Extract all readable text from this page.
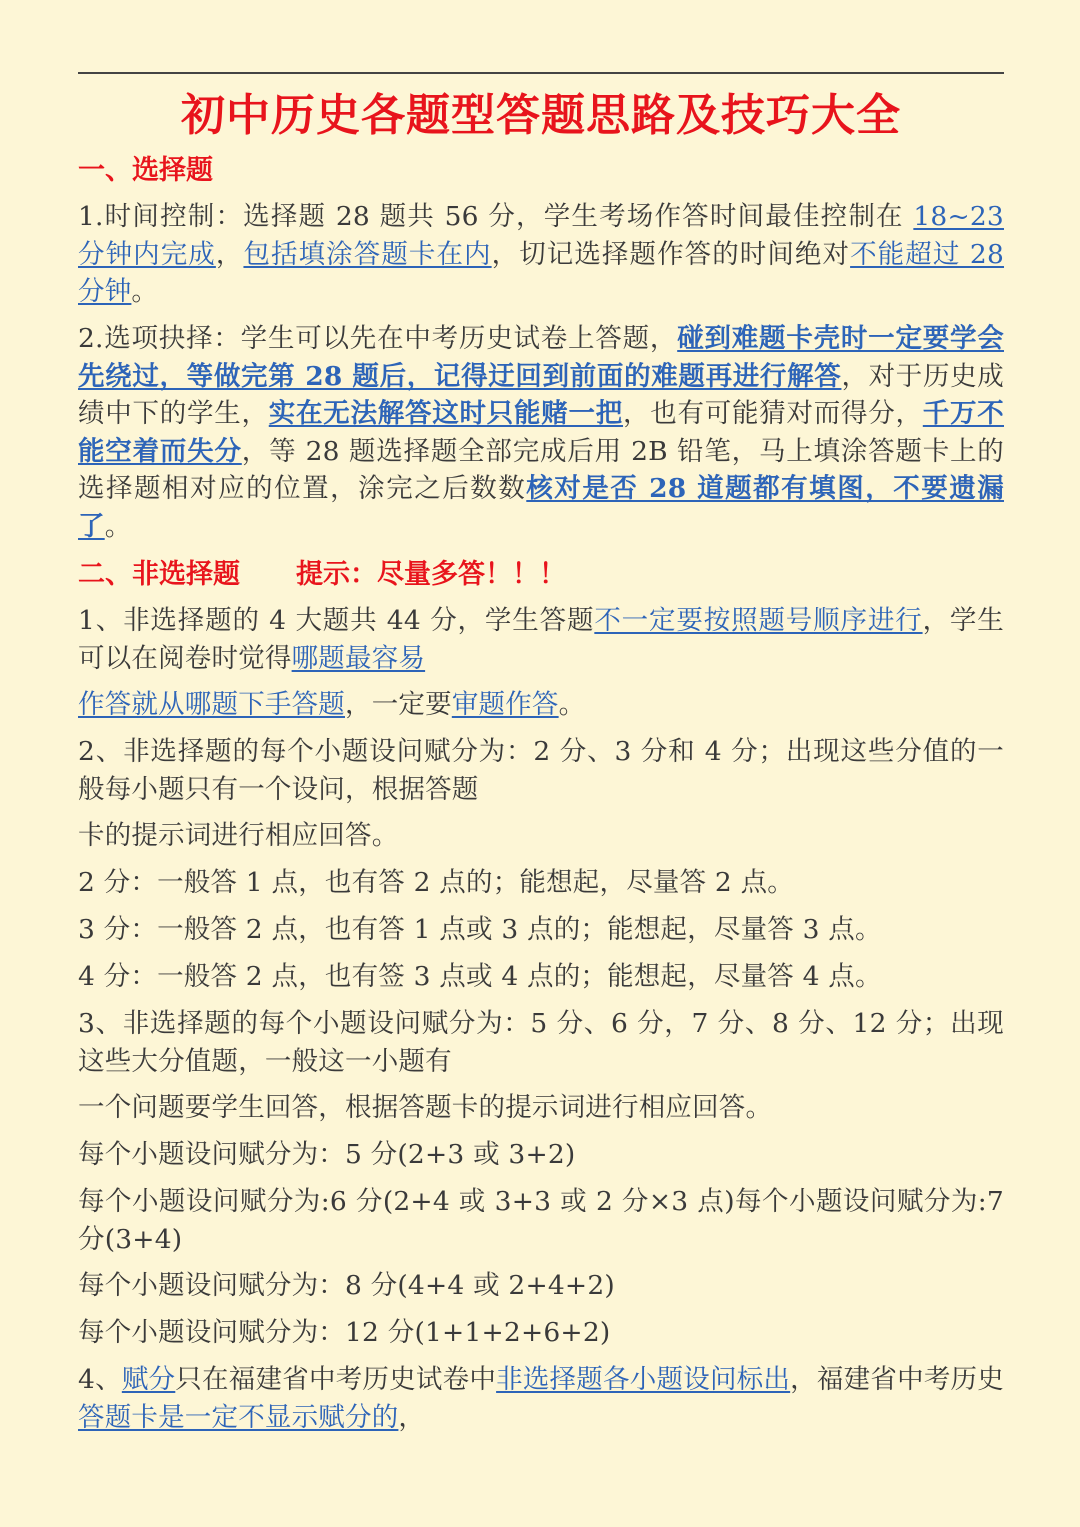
初中历史各题型答题思路及技巧大全
一、选择题
1.时间控制：选择题 28 题共 56 分，学生考场作答时间最佳控制在 18~23 分钟内完成，包括填涂答题卡在内，切记选择题作答的时间绝对不能超过 28 分钟。
2.选项抉择：学生可以先在中考历史试卷上答题，碰到难题卡壳时一定要学会先绕过，等做完第 28 题后，记得迂回到前面的难题再进行解答，对于历史成绩中下的学生，实在无法解答这时只能赌一把，也有可能猜对而得分，千万不能空着而失分，等 28 题选择题全部完成后用 2B 铅笔，马上填涂答题卡上的选择题相对应的位置，涂完之后数数核对是否 28 道题都有填图，不要遗漏了。
二、非选择题 提示：尽量多答！！！
1、非选择题的 4 大题共 44 分，学生答题不一定要按照题号顺序进行，学生可以在阅卷时觉得哪题最容易
作答就从哪题下手答题，一定要审题作答。
2、非选择题的每个小题设问赋分为：2 分、3 分和 4 分；出现这些分值的一般每小题只有一个设问，根据答题
卡的提示词进行相应回答。
2 分：一般答 1 点，也有答 2 点的；能想起，尽量答 2 点。
3 分：一般答 2 点，也有答 1 点或 3 点的；能想起，尽量答 3 点。
4 分：一般答 2 点，也有签 3 点或 4 点的；能想起，尽量答 4 点。
3、非选择题的每个小题设问赋分为：5 分、6 分，7 分、8 分、12 分；出现这些大分值题，一般这一小题有
一个问题要学生回答，根据答题卡的提示词进行相应回答。
每个小题设问赋分为：5 分(2+3 或 3+2)
每个小题设问赋分为:6 分(2+4 或 3+3 或 2 分×3 点)每个小题设问赋分为:7 分(3+4)
每个小题设问赋分为：8 分(4+4 或 2+4+2)
每个小题设问赋分为：12 分(1+1+2+6+2)
4、赋分只在福建省中考历史试卷中非选择题各小题设问标出，福建省中考历史答题卡是一定不显示赋分的，
